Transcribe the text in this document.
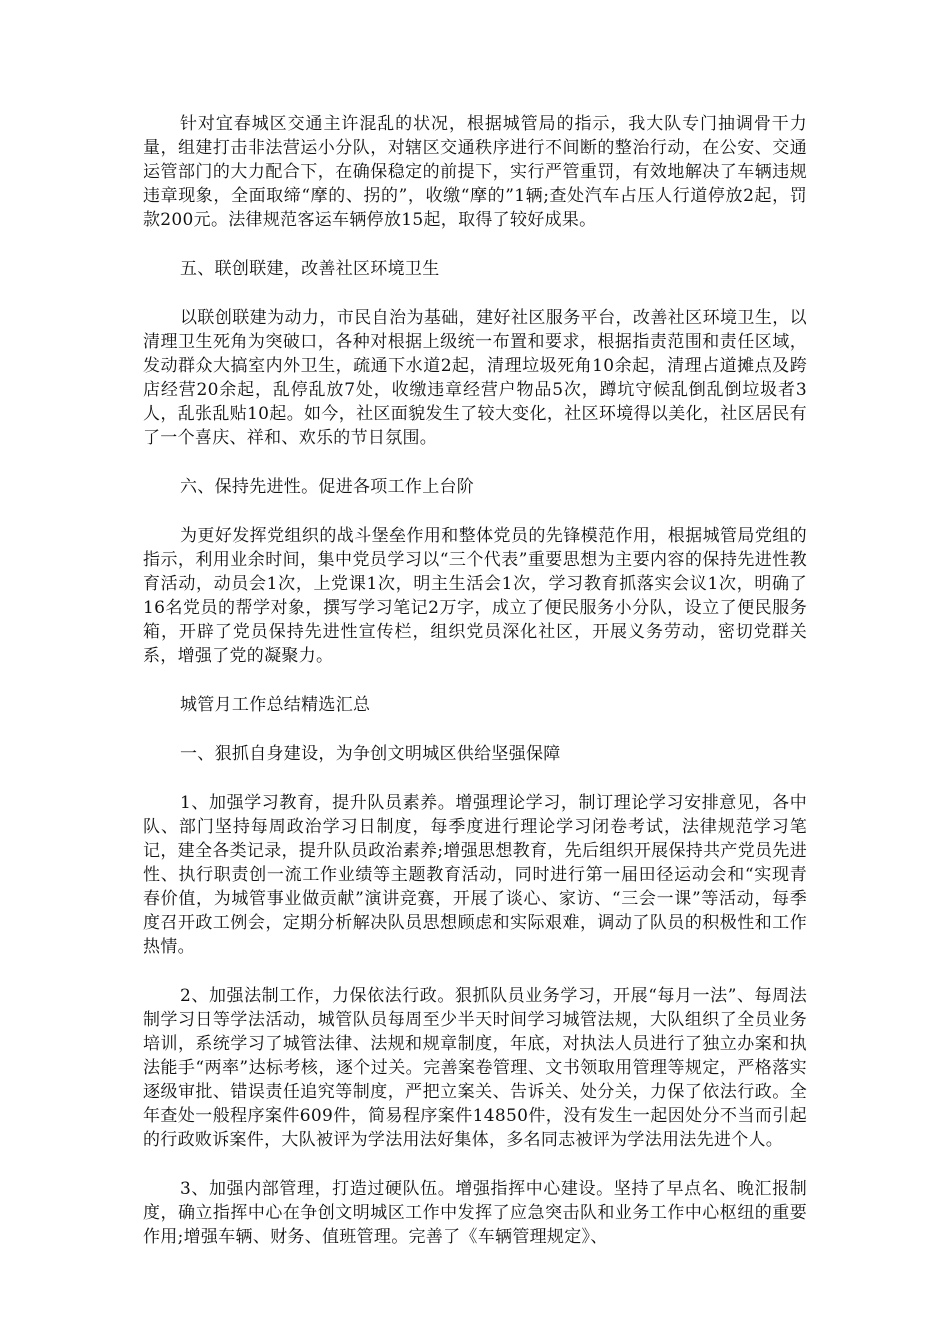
针对宜春城区交通主许混乱的状况，根据城管局的指示，我大队专门抽调骨干力量，组建打击非法营运小分队，对辖区交通秩序进行不间断的整治行动，在公安、交通运管部门的大力配合下，在确保稳定的前提下，实行严管重罚，有效地解决了车辆违规违章现象，全面取缔“摩的、拐的”，收缴“摩的”1辆;查处汽车占压人行道停放2起，罚款200元。法律规范客运车辆停放15起，取得了较好成果。

五、联创联建，改善社区环境卫生

以联创联建为动力，市民自治为基础，建好社区服务平台，改善社区环境卫生，以清理卫生死角为突破口，各种对根据上级统一布置和要求，根据指责范围和责任区域，发动群众大搞室内外卫生，疏通下水道2起，清理垃圾死角10余起，清理占道摊点及跨店经营20余起，乱停乱放7处，收缴违章经营户物品5次，蹲坑守候乱倒乱倒垃圾者3人，乱张乱贴10起。如今，社区面貌发生了较大变化，社区环境得以美化，社区居民有了一个喜庆、祥和、欢乐的节日氛围。

六、保持先进性。促进各项工作上台阶

为更好发挥党组织的战斗堡垒作用和整体党员的先锋模范作用，根据城管局党组的指示，利用业余时间，集中党员学习以“三个代表”重要思想为主要内容的保持先进性教育活动，动员会1次，上党课1次，明主生活会1次，学习教育抓落实会议1次，明确了16名党员的帮学对象，撰写学习笔记2万字，成立了便民服务小分队，设立了便民服务箱，开辟了党员保持先进性宣传栏，组织党员深化社区，开展义务劳动，密切党群关系，增强了党的凝聚力。

城管月工作总结精选汇总

一、狠抓自身建设，为争创文明城区供给坚强保障

1、加强学习教育，提升队员素养。增强理论学习，制订理论学习安排意见，各中队、部门坚持每周政治学习日制度，每季度进行理论学习闭卷考试，法律规范学习笔记，建全各类记录，提升队员政治素养;增强思想教育，先后组织开展保持共产党员先进性、执行职责创一流工作业绩等主题教育活动，同时进行第一届田径运动会和“实现青春价值，为城管事业做贡献”演讲竞赛，开展了谈心、家访、“三会一课”等活动，每季度召开政工例会，定期分析解决队员思想顾虑和实际艰难，调动了队员的积极性和工作热情。

2、加强法制工作，力保依法行政。狠抓队员业务学习，开展“每月一法”、每周法制学习日等学法活动，城管队员每周至少半天时间学习城管法规，大队组织了全员业务培训，系统学习了城管法律、法规和规章制度，年底，对执法人员进行了独立办案和执法能手“两率”达标考核，逐个过关。完善案卷管理、文书领取用管理等规定，严格落实逐级审批、错误责任追究等制度，严把立案关、告诉关、处分关，力保了依法行政。全年查处一般程序案件609件，简易程序案件14850件，没有发生一起因处分不当而引起的行政败诉案件，大队被评为学法用法好集体，多名同志被评为学法用法先进个人。

3、加强内部管理，打造过硬队伍。增强指挥中心建设。坚持了早点名、晚汇报制度，确立指挥中心在争创文明城区工作中发挥了应急突击队和业务工作中心枢纽的重要作用;增强车辆、财务、值班管理。完善了《车辆管理规定》、
